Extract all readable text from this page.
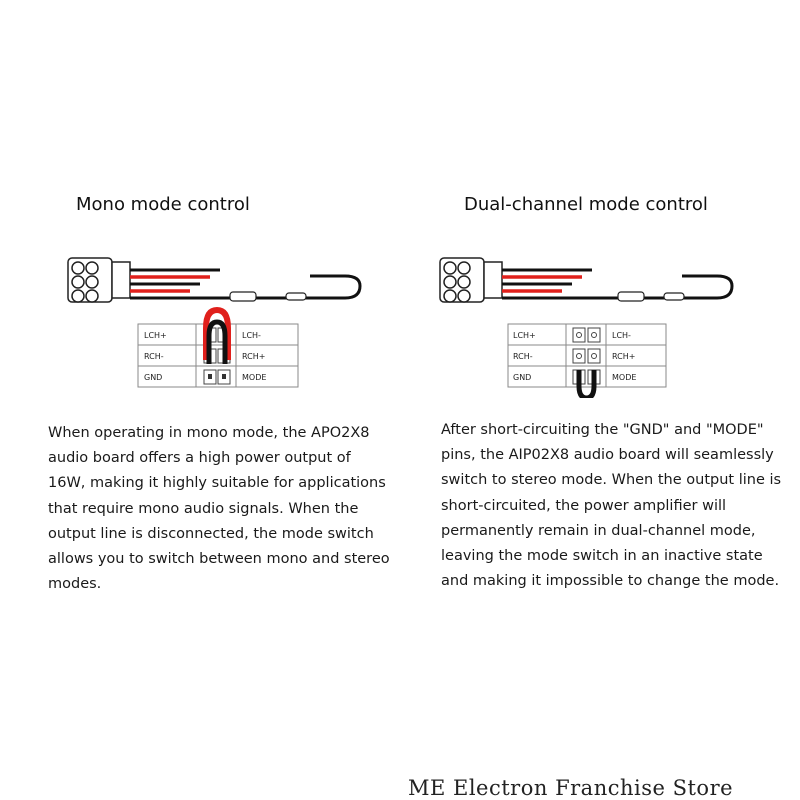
Mono mode control	Dual-channel mode control
LCH+
RCH-
GND
LCH-
RCH+
MODE
LCH+
RCH-
GND
LCH-
RCH+
MODE
When operating in mono mode, the APO2X8
audio board offers a high power output of
16W, making it highly suitable for applications
that require mono audio signals. When the
output line is disconnected, the mode switch
allows you to switch between mono and stereo
modes.
After short-circuiting the "GND" and "MODE"
pins, the AIP02X8 audio board will seamlessly
switch to stereo mode. When the output line is
short-circuited, the power amplifier will
permanently remain in dual-channel mode,
leaving the mode switch in an inactive state
and making it impossible to change the mode.
ME Electron Franchise Store
